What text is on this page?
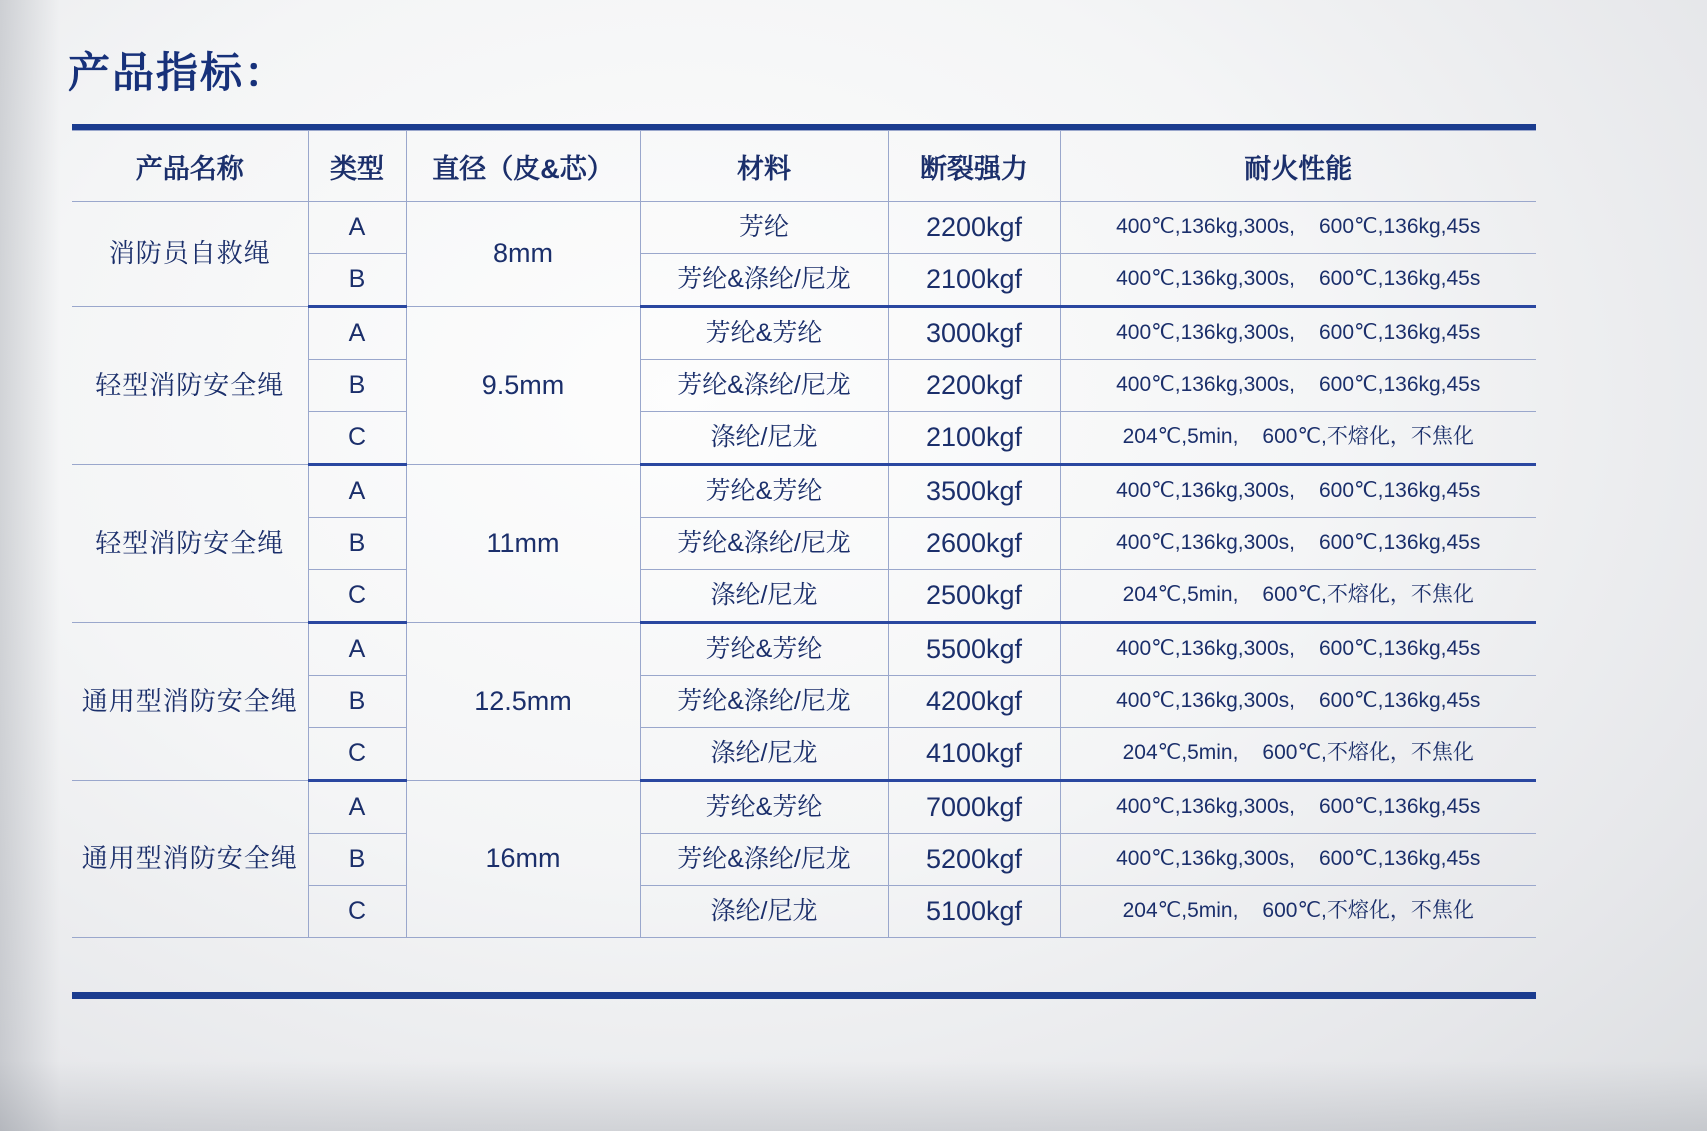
产品指标：
产品名称	类型	直径（皮&芯）	材料	断裂强力	耐火性能
消防员自救绳	A	8mm	芳纶	2200kgf	400℃,136kg,300s, 600℃,136kg,45s
	B		芳纶&涤纶/尼龙	2100kgf	400℃,136kg,300s, 600℃,136kg,45s
轻型消防安全绳	A	9.5mm	芳纶&芳纶	3000kgf	400℃,136kg,300s, 600℃,136kg,45s
	B		芳纶&涤纶/尼龙	2200kgf	400℃,136kg,300s, 600℃,136kg,45s
	C		涤纶/尼龙	2100kgf	204℃,5min, 600℃,不熔化，不焦化
轻型消防安全绳	A	11mm	芳纶&芳纶	3500kgf	400℃,136kg,300s, 600℃,136kg,45s
	B		芳纶&涤纶/尼龙	2600kgf	400℃,136kg,300s, 600℃,136kg,45s
	C		涤纶/尼龙	2500kgf	204℃,5min, 600℃,不熔化，不焦化
通用型消防安全绳	A	12.5mm	芳纶&芳纶	5500kgf	400℃,136kg,300s, 600℃,136kg,45s
	B		芳纶&涤纶/尼龙	4200kgf	400℃,136kg,300s, 600℃,136kg,45s
	C		涤纶/尼龙	4100kgf	204℃,5min, 600℃,不熔化，不焦化
通用型消防安全绳	A	16mm	芳纶&芳纶	7000kgf	400℃,136kg,300s, 600℃,136kg,45s
	B		芳纶&涤纶/尼龙	5200kgf	400℃,136kg,300s, 600℃,136kg,45s
	C		涤纶/尼龙	5100kgf	204℃,5min, 600℃,不熔化，不焦化
